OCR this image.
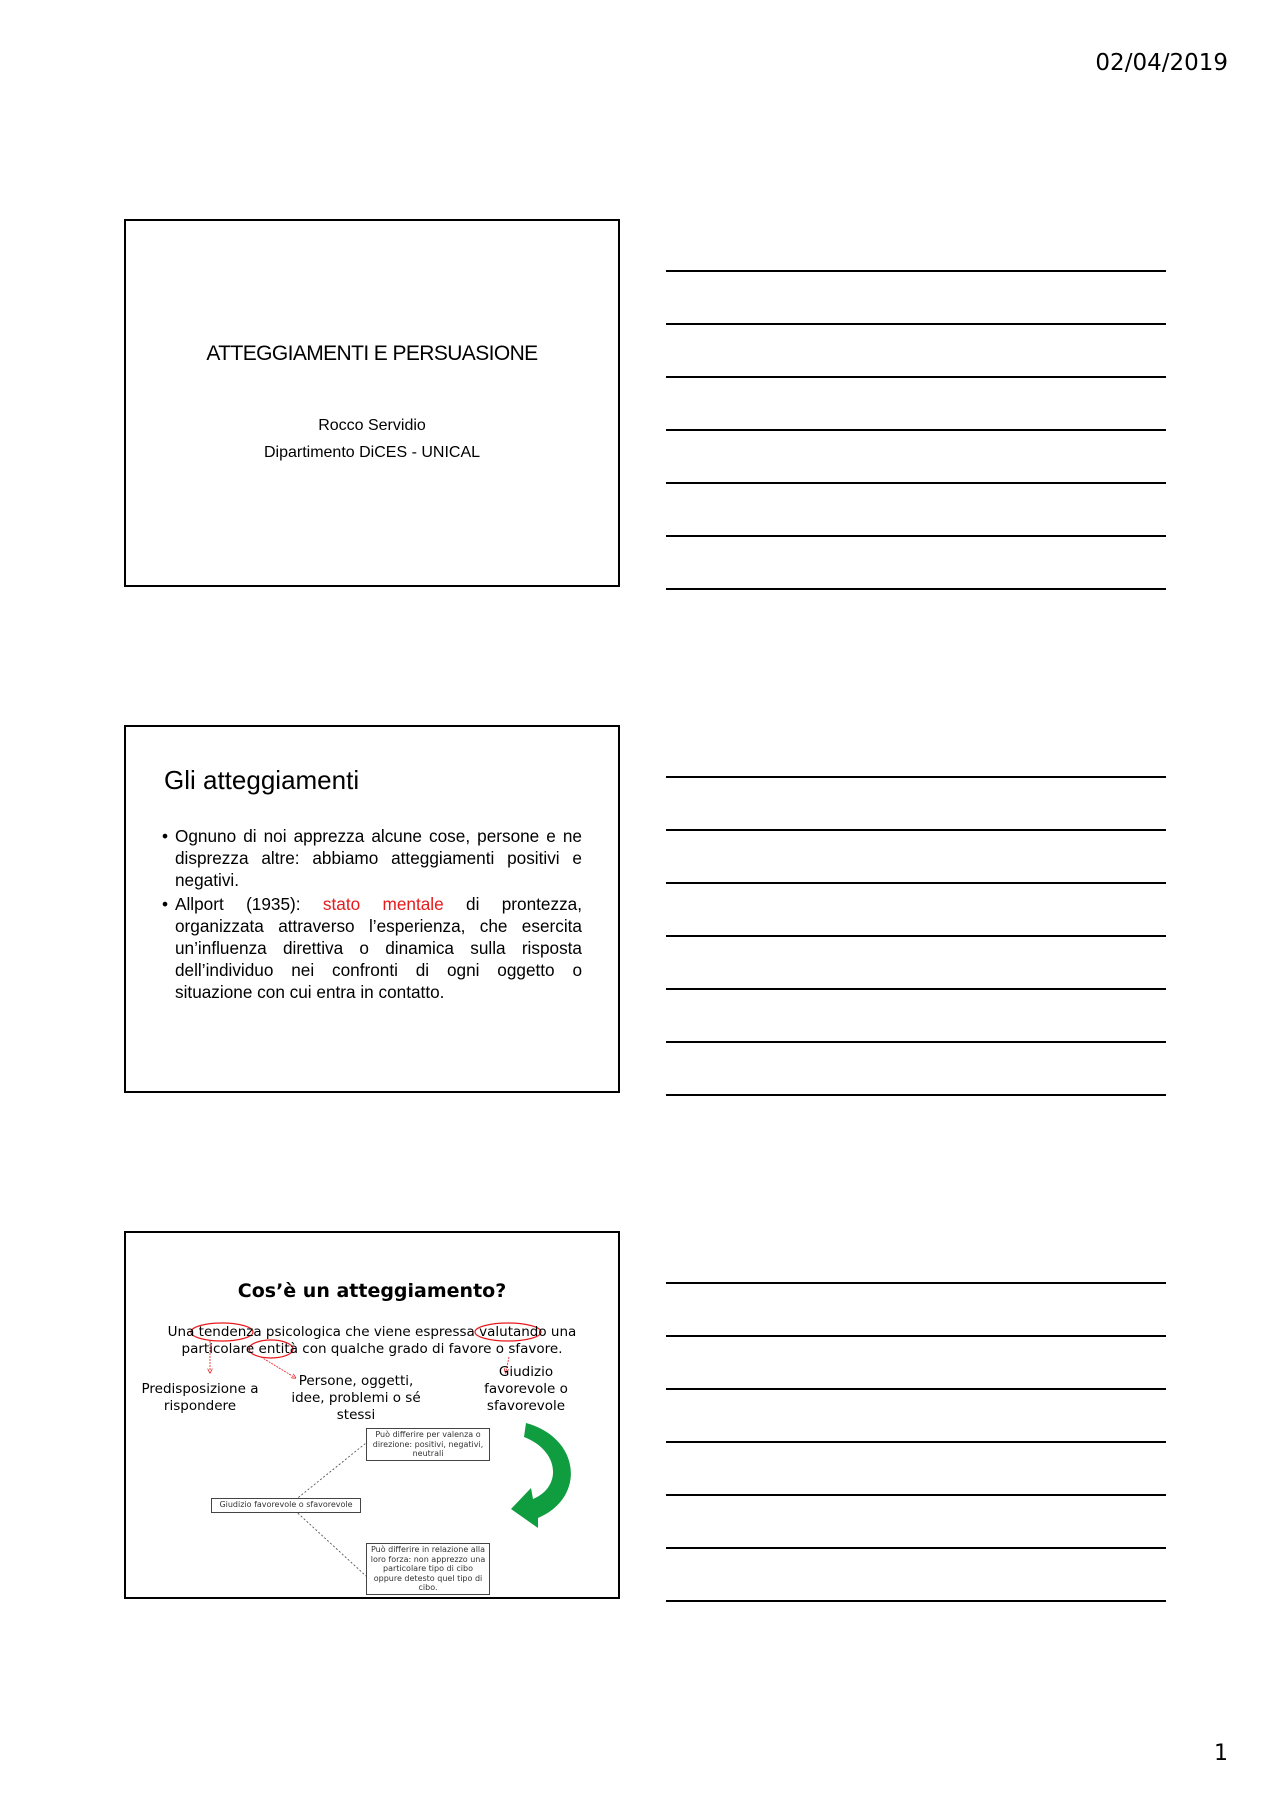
02/04/2019
ATTEGGIAMENTI E PERSUASIONE
Rocco Servidio
Dipartimento DiCES - UNICAL
Gli atteggiamenti
• Ognuno di noi apprezza alcune cose, persone e ne disprezza altre: abbiamo atteggiamenti positivi e negativi.
• Allport (1935): stato mentale di prontezza, organizzata attraverso l’esperienza, che esercita un’influenza direttiva o dinamica sulla risposta dell’individuo nei confronti di ogni oggetto o situazione con cui entra in contatto.
Cos’è un atteggiamento?
Una tendenza psicologica che viene espressa valutando una
particolare entità con qualche grado di favore o sfavore.
Predisposizione a rispondere
Persone, oggetti, idee, problemi o sé stessi
Giudizio favorevole o sfavorevole
Può differire per valenza o direzione: positivi, negativi, neutrali
Giudizio favorevole o sfavorevole
Può differire in relazione alla loro forza: non apprezzo una particolare tipo di cibo oppure detesto quel tipo di cibo.
1
